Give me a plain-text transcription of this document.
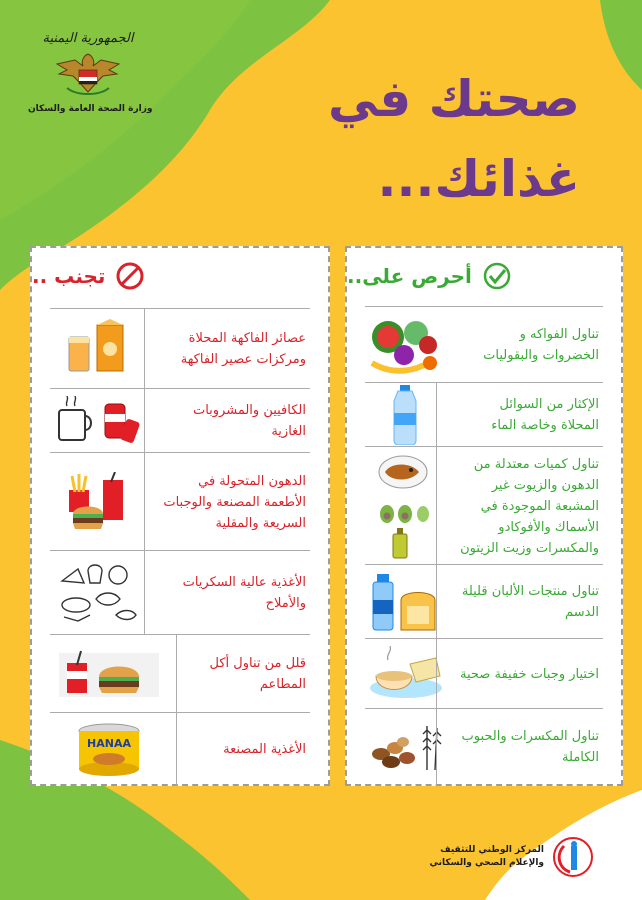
الجمهورية اليمنية
وزارة الصحة العامة والسكان	صحتك في
غذائك...
تجنب ..
عصائر الفاكهة المحلاة ومركزات عصير الفاكهة
الكافيين والمشروبات الغازية
الدهون المتحولة في الأطعمة المصنعة والوجبات السريعة والمقلية
الأغذية عالية السكريات والأملاح
قلل من تناول أكل المطاعم
الأغذية المصنعة
HANAA
أحرص على..
تناول الفواكه و الخضروات والبقوليات
الإكثار من السوائل المحلاة وخاصة الماء
تناول كميات معتدلة من الدهون والزيوت غير المشبعة الموجودة في الأسماك والأفوكادو والمكسرات وزيت الزيتون
تناول منتجات الألبان قليلة الدسم
اختيار وجبات خفيفة صحية
تناول المكسرات والحبوب الكاملة
المركز الوطني للتثقيف
والإعلام الصحي والسكاني
